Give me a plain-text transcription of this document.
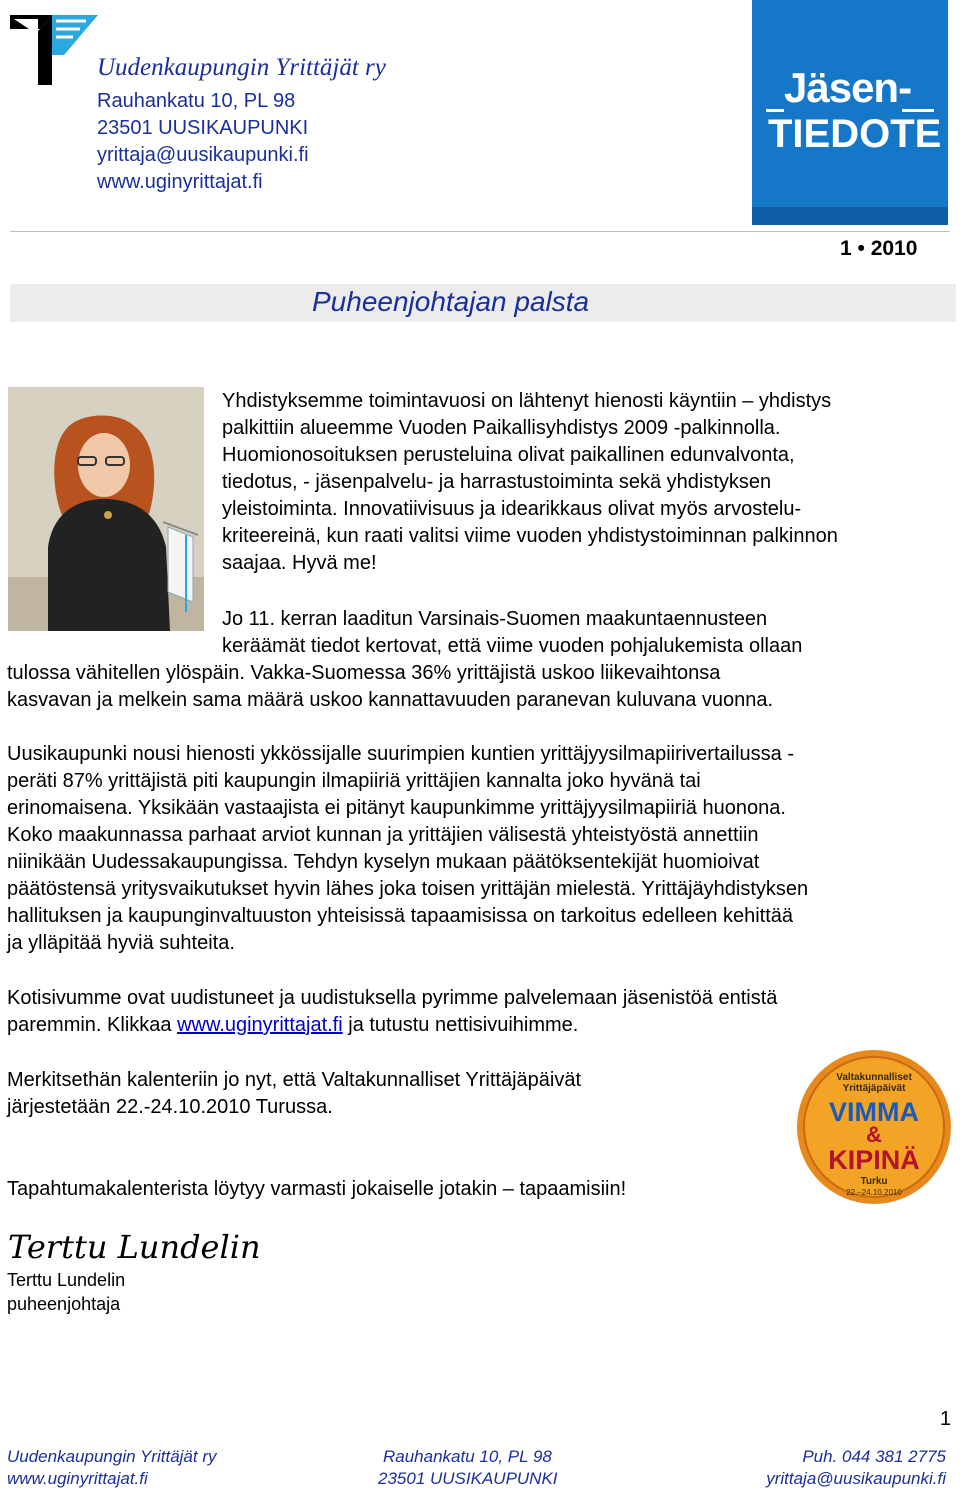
Uudenkaupungin Yrittäjät ry
Rauhankatu 10, PL 98
23501 UUSIKAUPUNKI
yrittaja@uusikaupunki.fi
www.uginyrittajat.fi
Jäsen-
TIEDOTE
1 • 2010
Puheenjohtajan palsta

Yhdistyksemme toimintavuosi on lähtenyt hienosti käyntiin – yhdistys

palkittiin alueemme Vuoden Paikallisyhdistys 2009 -palkinnolla.

Huomionosoituksen perusteluina olivat paikallinen edunvalvonta,

tiedotus, - jäsenpalvelu- ja harrastustoiminta sekä yhdistyksen

yleistoiminta. Innovatiivisuus ja idearikkaus olivat myös arvostelu-

kriteereinä, kun raati valitsi viime vuoden yhdistystoiminnan palkinnon

saajaa. Hyvä me!

Jo 11. kerran laaditun Varsinais-Suomen maakuntaennusteen

keräämät tiedot kertovat, että viime vuoden pohjalukemista ollaan

tulossa vähitellen ylöspäin. Vakka-Suomessa 36% yrittäjistä uskoo liikevaihtonsa

kasvavan ja melkein sama määrä uskoo kannattavuuden paranevan kuluvana vuonna.

Uusikaupunki nousi hienosti ykkössijalle suurimpien kuntien yrittäjyysilmapiirivertailussa -

peräti 87% yrittäjistä piti kaupungin ilmapiiriä yrittäjien kannalta joko hyvänä tai

erinomaisena. Yksikään vastaajista ei pitänyt kaupunkimme yrittäjyysilmapiiriä huonona.

Koko maakunnassa parhaat arviot kunnan ja yrittäjien välisestä yhteistyöstä annettiin

niinikään Uudessakaupungissa. Tehdyn kyselyn mukaan päätöksentekijät huomioivat

päätöstensä yritysvaikutukset hyvin lähes joka toisen yrittäjän mielestä. Yrittäjäyhdistyksen

hallituksen ja kaupunginvaltuuston yhteisissä tapaamisissa on tarkoitus edelleen kehittää

ja ylläpitää hyviä suhteita.

Kotisivumme ovat uudistuneet ja uudistuksella pyrimme palvelemaan jäsenistöä entistä

paremmin. Klikkaa www.uginyrittajat.fi ja tutustu nettisivuihimme.

Merkitsethän kalenteriin jo nyt, että Valtakunnalliset Yrittäjäpäivät

järjestetään 22.-24.10.2010 Turussa.

Tapahtumakalenterista löytyy varmasti jokaiselle jotakin – tapaamisiin!

Valtakunnalliset
Yrittäjäpäivät
VIMMA
&
KIPINÄ
Turku
22.–24.10.2010
Terttu Lundelin
Terttu Lundelin
puheenjohtaja
1
Uudenkaupungin Yrittäjät ry
www.uginyrittajat.fi
Rauhankatu 10, PL 98
23501 UUSIKAUPUNKI
Puh. 044 381 2775
yrittaja@uusikaupunki.fi
